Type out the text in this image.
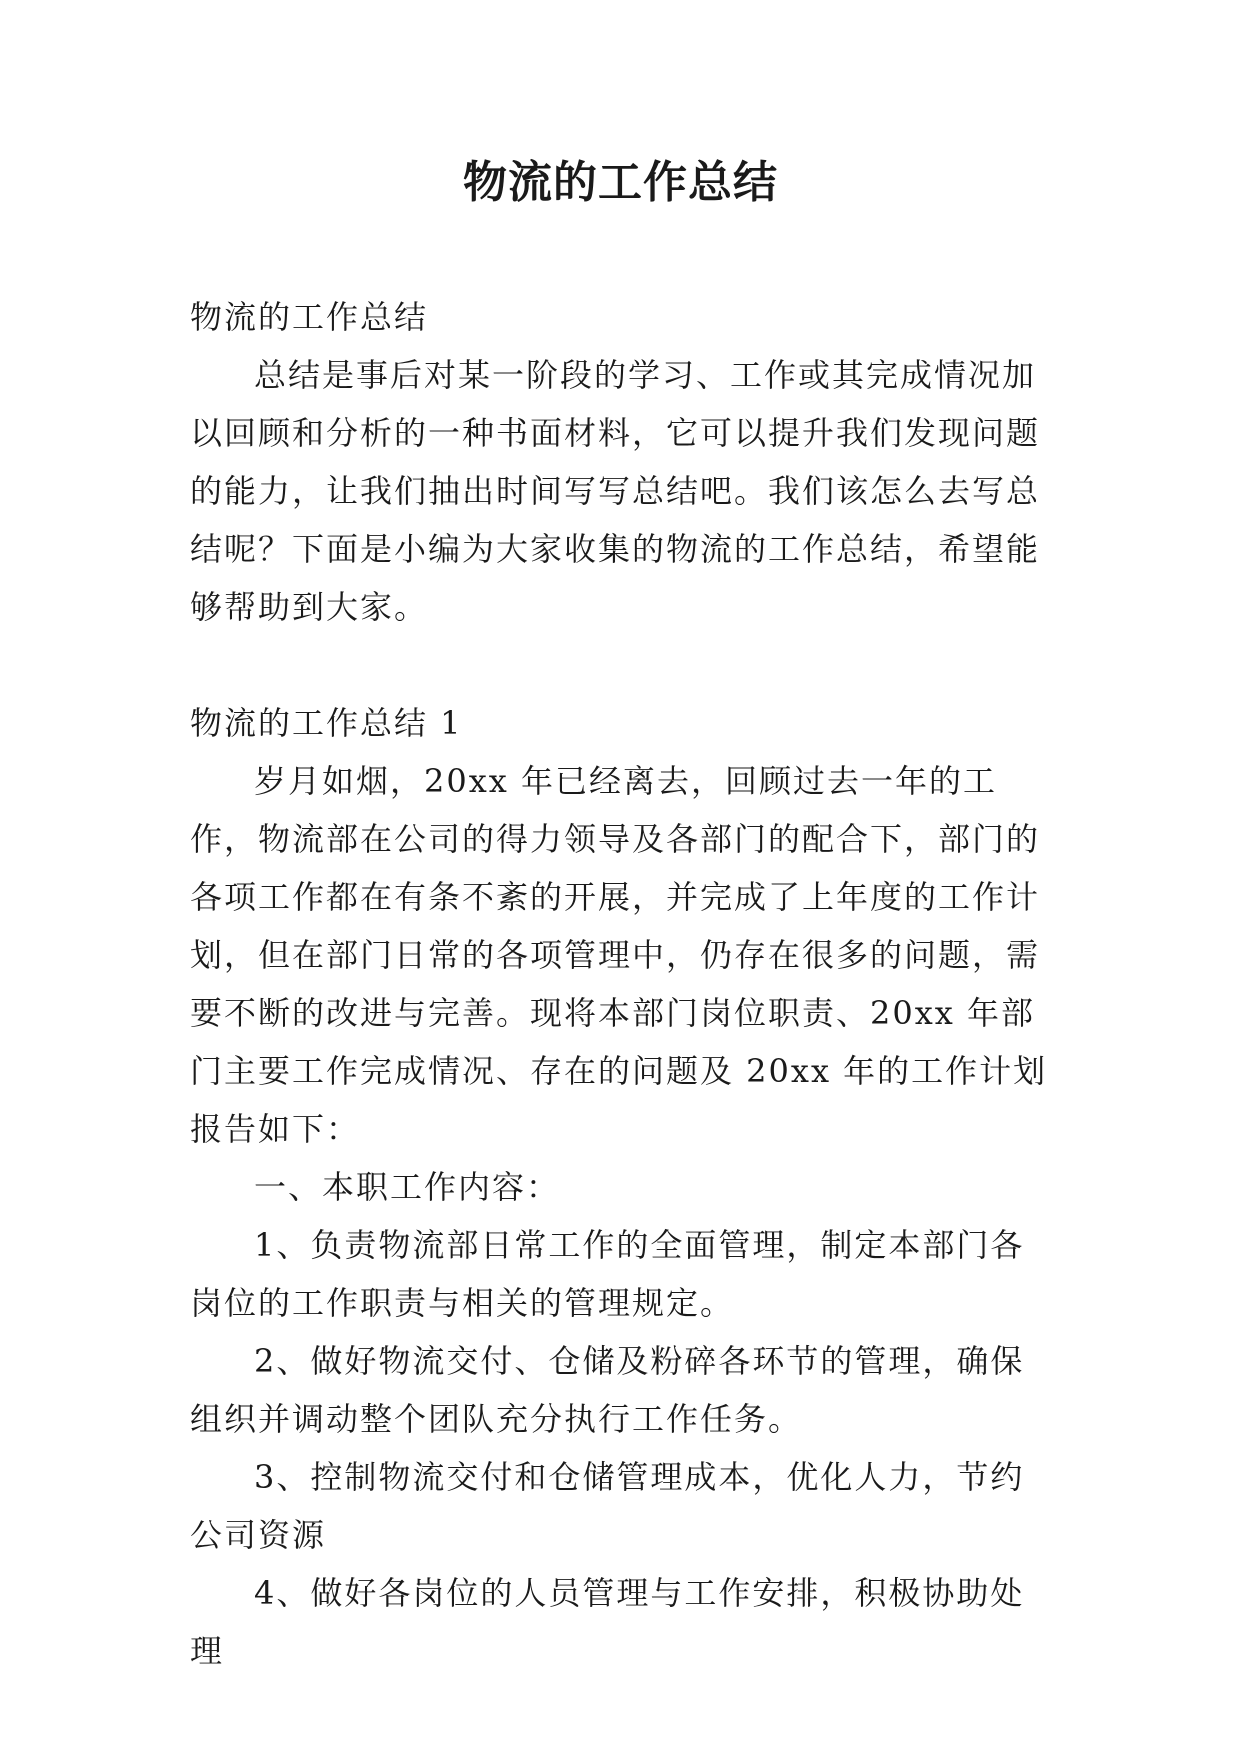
物流的工作总结

物流的工作总结

总结是事后对某一阶段的学习、工作或其完成情况加以回顾和分析的一种书面材料，它可以提升我们发现问题的能力，让我们抽出时间写写总结吧。我们该怎么去写总结呢？下面是小编为大家收集的物流的工作总结，希望能够帮助到大家。

物流的工作总结 1

岁月如烟，20xx 年已经离去，回顾过去一年的工作，物流部在公司的得力领导及各部门的配合下，部门的各项工作都在有条不紊的开展，并完成了上年度的工作计划，但在部门日常的各项管理中，仍存在很多的问题，需要不断的改进与完善。现将本部门岗位职责、20xx 年部门主要工作完成情况、存在的问题及 20xx 年的工作计划报告如下：

一、本职工作内容：

1、负责物流部日常工作的全面管理，制定本部门各岗位的工作职责与相关的管理规定。

2、做好物流交付、仓储及粉碎各环节的管理，确保组织并调动整个团队充分执行工作任务。

3、控制物流交付和仓储管理成本，优化人力，节约公司资源

4、做好各岗位的人员管理与工作安排，积极协助处理
